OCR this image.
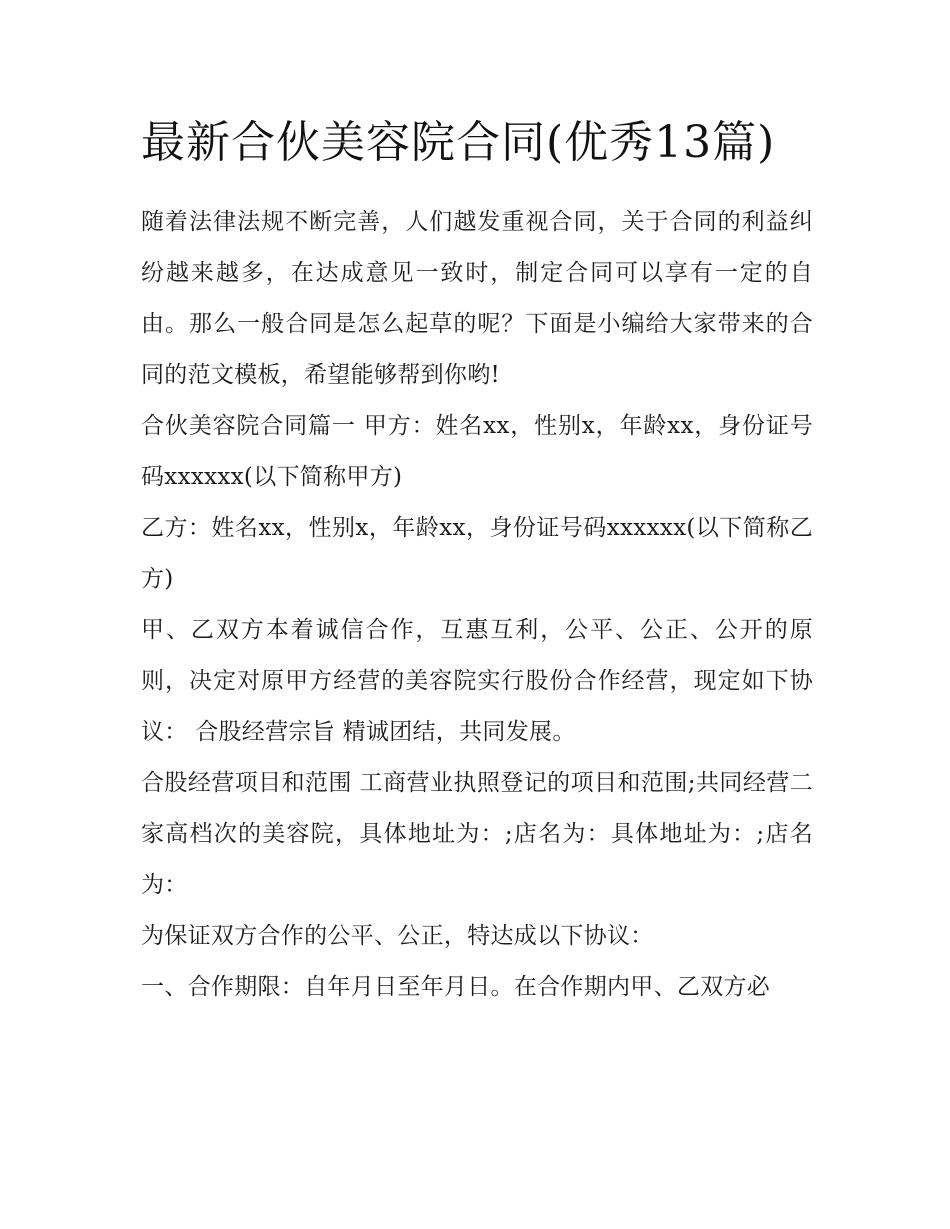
最新合伙美容院合同(优秀13篇)

随着法律法规不断完善，人们越发重视合同，关于合同的利益纠纷越来越多，在达成意见一致时，制定合同可以享有一定的自由。那么一般合同是怎么起草的呢？下面是小编给大家带来的合同的范文模板，希望能够帮到你哟!

合伙美容院合同篇一 甲方：姓名xx，性别x，年龄xx，身份证号码xxxxxx(以下简称甲方)

乙方：姓名xx，性别x，年龄xx，身份证号码xxxxxx(以下简称乙方)

甲、乙双方本着诚信合作，互惠互利，公平、公正、公开的原则，决定对原甲方经营的美容院实行股份合作经营，现定如下协议： 合股经营宗旨 精诚团结，共同发展。

合股经营项目和范围 工商营业执照登记的项目和范围;共同经营二家高档次的美容院，具体地址为：;店名为：具体地址为：;店名为：

为保证双方合作的公平、公正，特达成以下协议：

一、合作期限：自年月日至年月日。在合作期内甲、乙双方必
